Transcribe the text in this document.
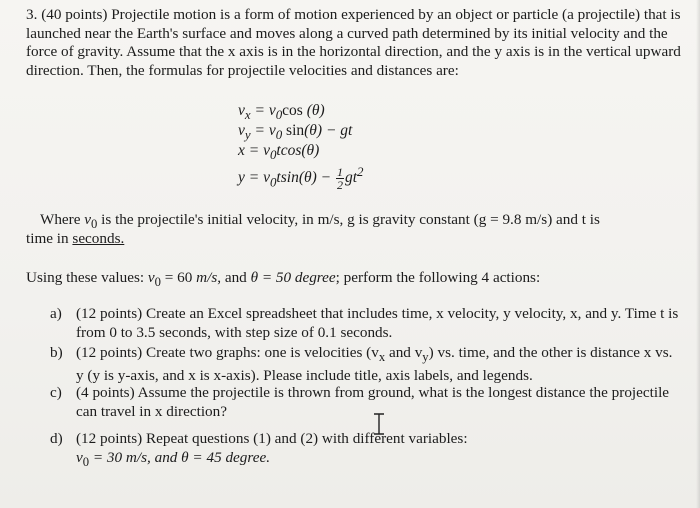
3. (40 points) Projectile motion is a form of motion experienced by an object or particle (a projectile) that is launched near the Earth's surface and moves along a curved path determined by its initial velocity and the force of gravity. Assume that the x axis is in the horizontal direction, and the y axis is in the vertical upward direction. Then, the formulas for projectile velocities and distances are:
$v_x = v_0\cos$ (θ)
$v_y = v_0$ sin(θ) − gt
$x = v_0tcos(\theta)$
$y = v_0tsin(\theta) - \frac{1}{2} gt^2$
Where $v_0$ is the projectile's initial velocity, in m/s, g is gravity constant (g = 9.8 m/s) and t is
time in seconds.
Using these values: $v_0 = 60$ m/s, and θ = 50 degree; perform the following 4 actions:
a) (12 points) Create an Excel spreadsheet that includes time, x velocity, y velocity, x, and y. Time t is from 0 to 3.5 seconds, with step size of 0.1 seconds.
b) (12 points) Create two graphs: one is velocities ($v_x$ and $v_y$) vs. time, and the other is distance x vs. y (y is y-axis, and x is x-axis). Please include title, axis labels, and legends.
c) (4 points) Assume the projectile is thrown from ground, what is the longest distance the projectile can travel in x direction?
d) (12 points) Repeat questions (1) and (2) with different variables:
$v_0 = 30$ m/s, and θ = 45 degree.
